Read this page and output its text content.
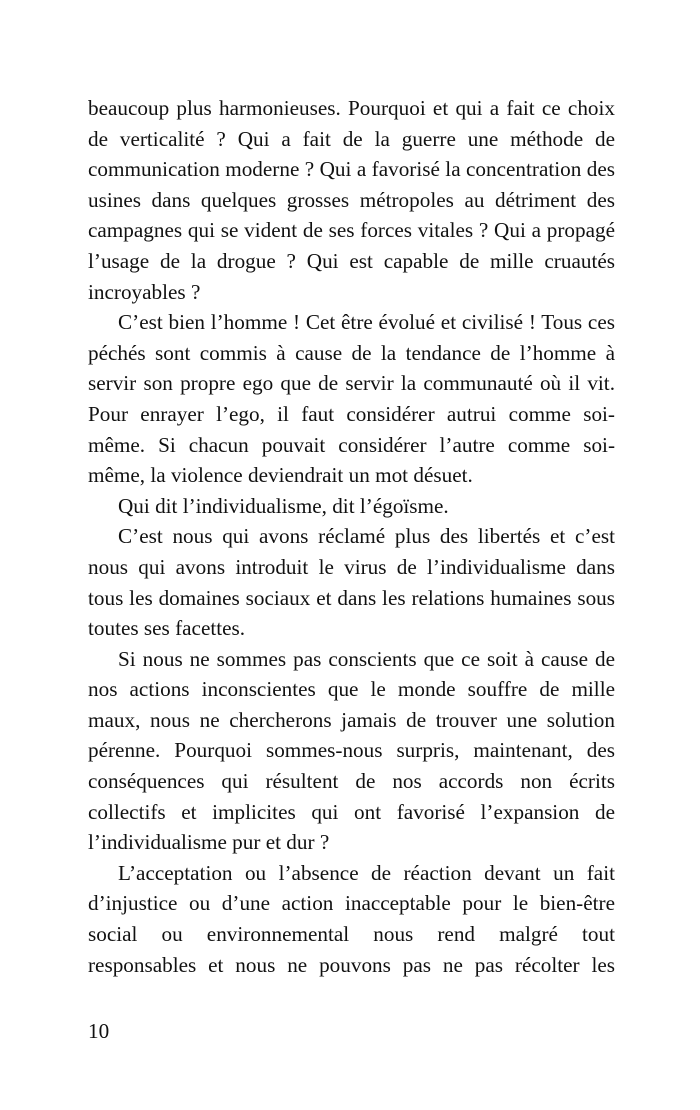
beaucoup plus harmonieuses. Pourquoi et qui a fait ce choix de verticalité ? Qui a fait de la guerre une méthode de communication moderne ? Qui a favorisé la concentration des usines dans quelques grosses métropoles au détriment des campagnes qui se vident de ses forces vitales ? Qui a propagé l’usage de la drogue ? Qui est capable de mille cruautés incroyables ?

C’est bien l’homme ! Cet être évolué et civilisé ! Tous ces péchés sont commis à cause de la tendance de l’homme à servir son propre ego que de servir la communauté où il vit. Pour enrayer l’ego, il faut considérer autrui comme soi-même. Si chacun pouvait considérer l’autre comme soi-même, la violence deviendrait un mot désuet.

Qui dit l’individualisme, dit l’égoïsme.

C’est nous qui avons réclamé plus des libertés et c’est nous qui avons introduit le virus de l’individualisme dans tous les domaines sociaux et dans les relations humaines sous toutes ses facettes.

Si nous ne sommes pas conscients que ce soit à cause de nos actions inconscientes que le monde souffre de mille maux, nous ne chercherons jamais de trouver une solution pérenne. Pourquoi sommes-nous surpris, maintenant, des conséquences qui résultent de nos accords non écrits collectifs et implicites qui ont favorisé l’expansion de l’individualisme pur et dur ?

L’acceptation ou l’absence de réaction devant un fait d’injustice ou d’une action inacceptable pour le bien-être social ou environnemental nous rend malgré tout responsables et nous ne pouvons pas ne pas récolter les

10
